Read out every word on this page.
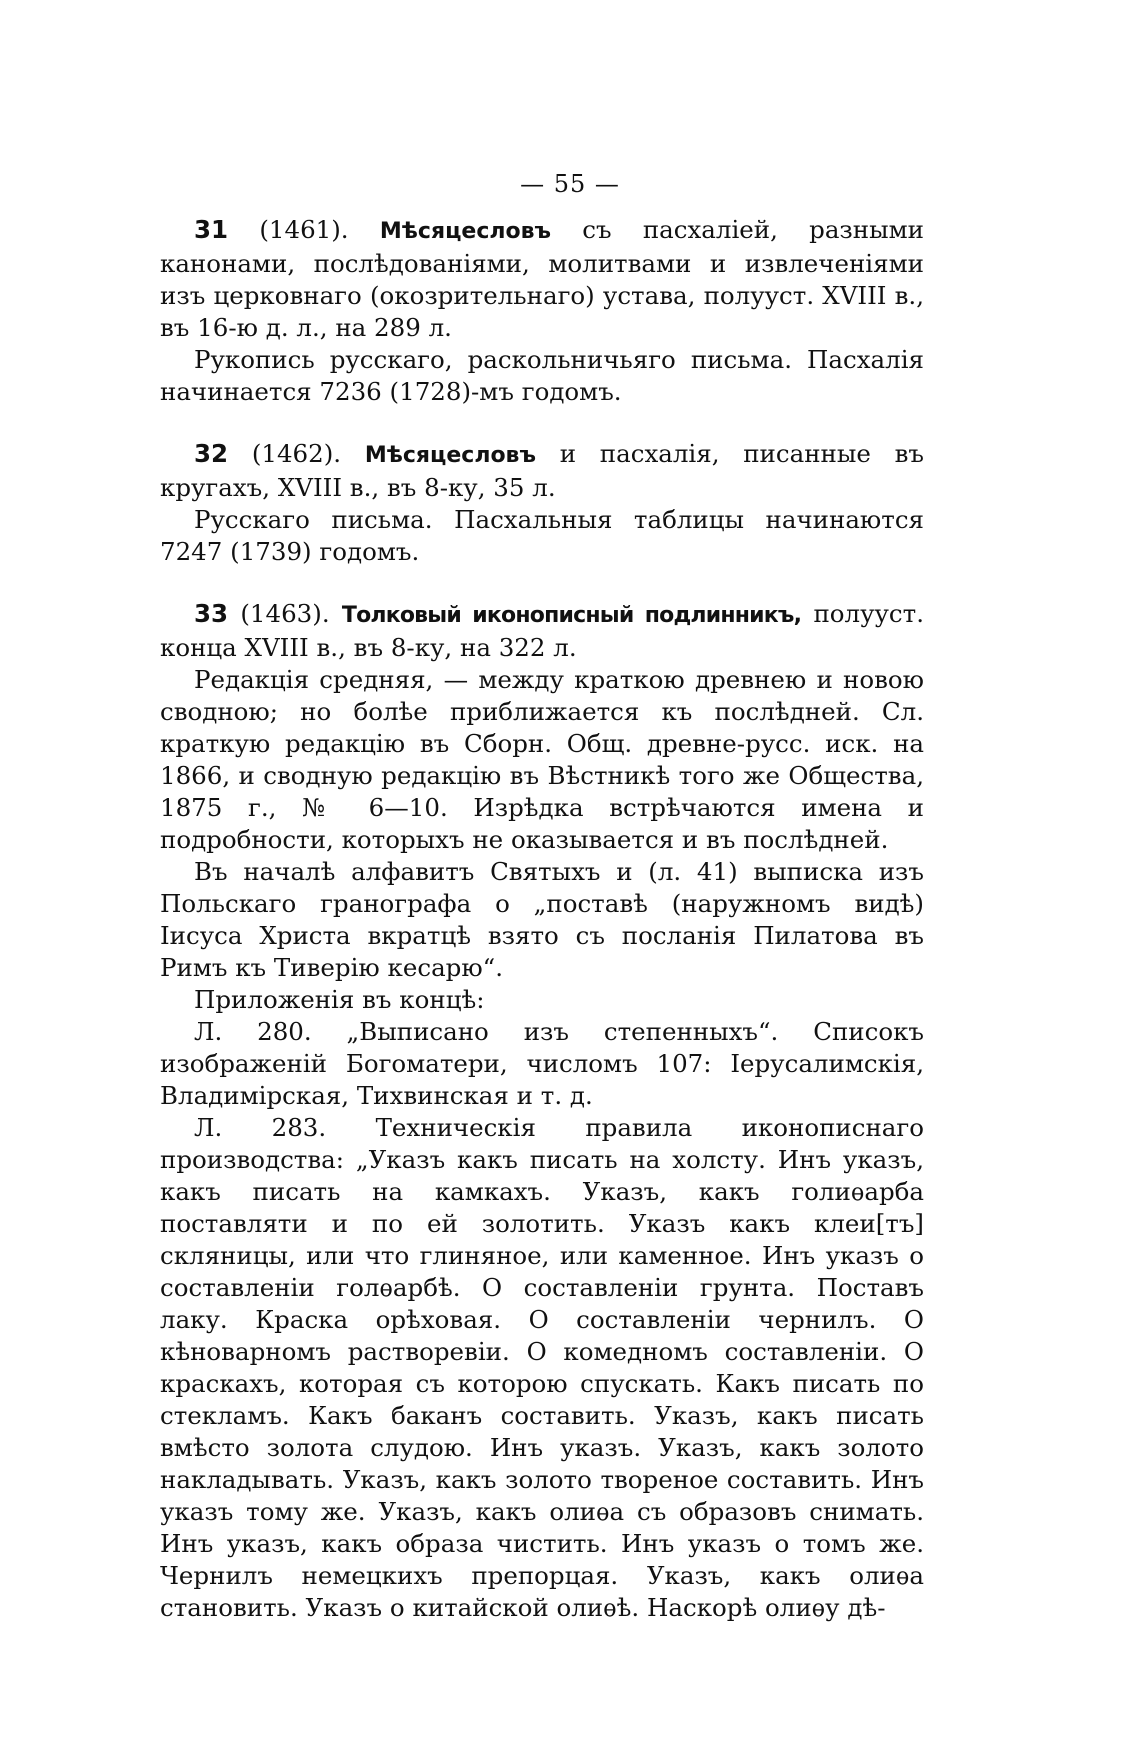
— 55 —

31 (1461). Мѣсяцесловъ съ пасхаліей, разными канонами, послѣдованіями, молитвами и извлеченіями изъ церковнаго (окозрительнаго) устава, полууст. XVIII в., въ 16-ю д. л., на 289 л.

Рукопись русскаго, раскольничьяго письма. Пасхалія начинается 7236 (1728)-мъ годомъ.

32 (1462). Мѣсяцесловъ и пасхалія, писанные въ кругахъ, XVIII в., въ 8-ку, 35 л.

Русскаго письма. Пасхальныя таблицы начинаются 7247 (1739) годомъ.

33 (1463). Толковый иконописный подлинникъ, полууст. конца XVIII в., въ 8-ку, на 322 л.

Редакція средняя, — между краткою древнею и новою сводною; но болѣе приближается къ послѣдней. Сл. краткую редакцію въ Сборн. Общ. древне-русс. иск. на 1866, и сводную редакцію въ Вѣстникѣ того же Общества, 1875 г., № 6—10. Изрѣдка встрѣчаются имена и подробности, которыхъ не оказывается и въ послѣдней.

Въ началѣ алфавитъ Святыхъ и (л. 41) выписка изъ Польскаго гранографа о „поставѣ (наружномъ видѣ) Іисуса Христа вкратцѣ взято съ посланія Пилатова въ Римъ къ Тиверію кесарю“.

Приложенія въ концѣ:

Л. 280. „Выписано изъ степенныхъ“. Списокъ изображеній Богоматери, числомъ 107: Іерусалимскія, Владимірская, Тихвинская и т. д.

Л. 283. Техническія правила иконописнаго производства: „Указъ какъ писать на холсту. Инъ указъ, какъ писать на камкахъ. Указъ, какъ голиѳарба поставляти и по ей золотить. Указъ какъ клеи[тъ] скляницы, или что глиняное, или каменное. Инъ указъ о составленіи голѳарбѣ. О составленіи грунта. Поставъ лаку. Краска орѣховая. О составленіи чернилъ. О кѣноварномъ растворевіи. О комедномъ составленіи. О краскахъ, которая съ которою спускать. Какъ писать по стекламъ. Какъ баканъ составить. Указъ, какъ писать вмѣсто золота слудою. Инъ указъ. Указъ, какъ золото накладывать. Указъ, какъ золото твореное составить. Инъ указъ тому же. Указъ, какъ олиѳа съ образовъ снимать. Инъ указъ, какъ образа чистить. Инъ указъ о томъ же. Чернилъ немецкихъ препорцая. Указъ, какъ олиѳа становить. Указъ о китайской олиѳѣ. Наскорѣ олиѳу дѣ-
